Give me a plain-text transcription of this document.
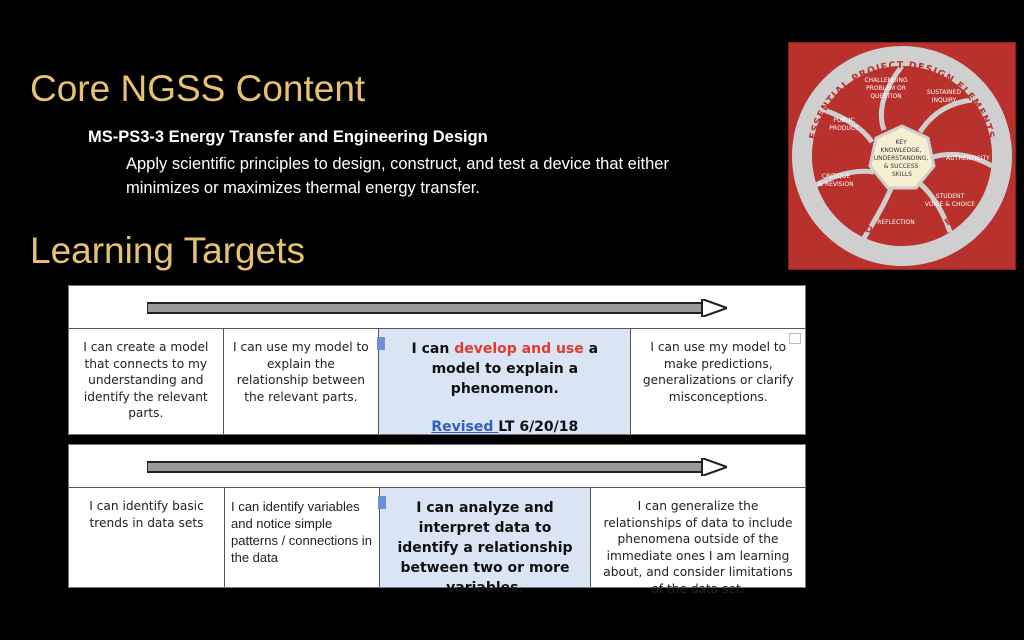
Core NGSS Content
MS-PS3-3 Energy Transfer and Engineering Design
Apply scientific principles to design, construct, and test a device that either minimizes or maximizes thermal energy transfer.
Learning Targets
I can create a model that connects to my understanding and identify the relevant parts.
I can use my model to explain the relationship between the relevant parts.
I can develop and use a model to explain a phenomenon.
Revised LT 6/20/18
I can use my model to make predictions, generalizations or clarify misconceptions.
I can identify basic trends in data sets
I can identify variables and notice simple patterns / connections in the data
I can analyze and interpret data to identify a relationship between two or more variables.
I can generalize the relationships of data to include phenomena outside of the immediate ones I am learning about, and consider limitations of the data set.
ESSENTIAL PROJECT DESIGN ELEMENTS
GOLD STANDARD PBL
CHALLENGING PROBLEM OR QUESTION
SUSTAINED INQUIRY
AUTHENTICITY
STUDENT VOICE & CHOICE
REFLECTION
CRITIQUE & REVISION
PUBLIC PRODUCT
KEY KNOWLEDGE, UNDERSTANDING, & SUCCESS SKILLS
